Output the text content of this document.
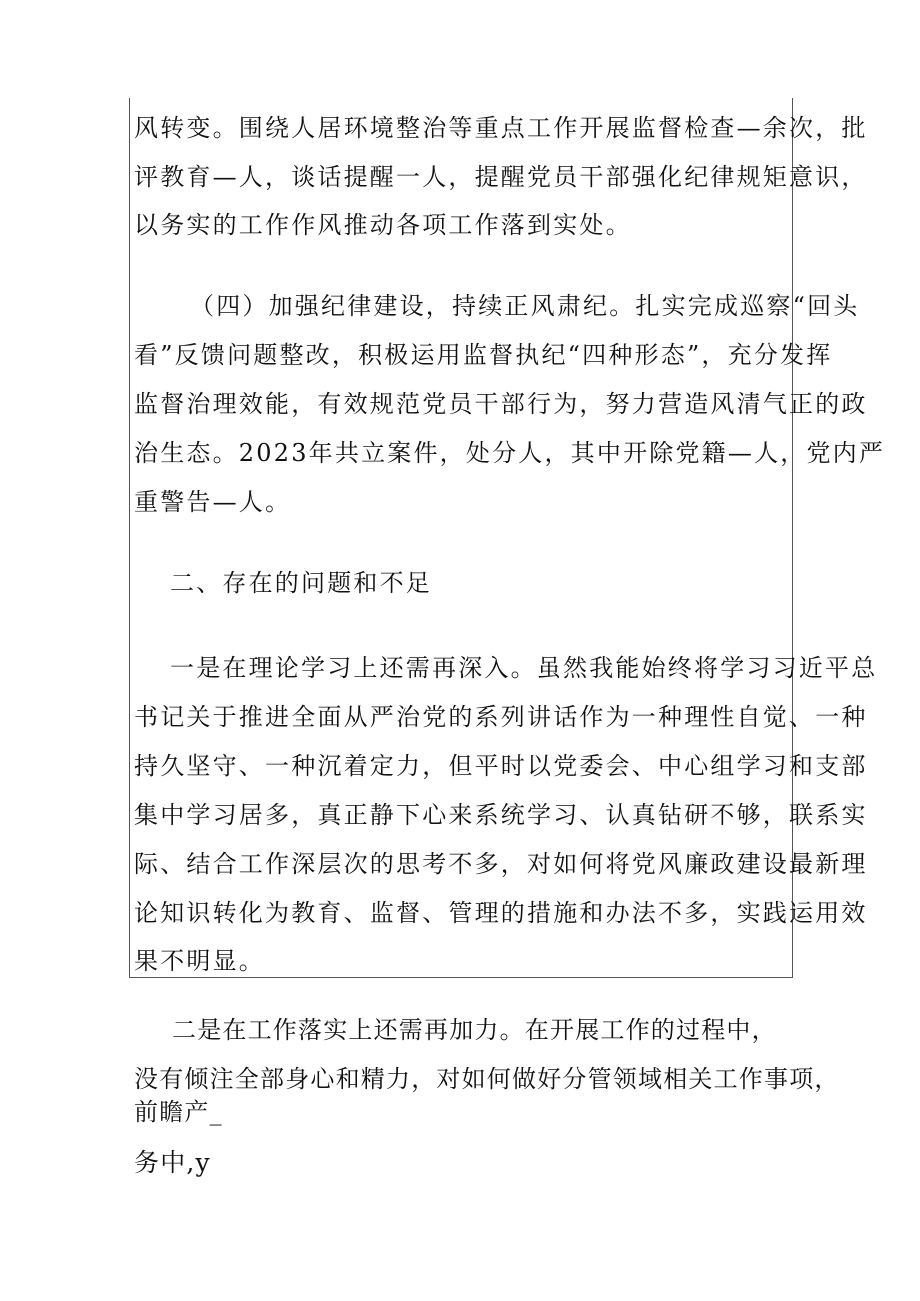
风转变。围绕人居环境整治等重点工作开展监督检查—余次，批
评教育—人，谈话提醒一人，提醒党员干部强化纪律规矩意识，
以务实的工作作风推动各项工作落到实处。
（四）加强纪律建设，持续正风肃纪。扎实完成巡察“回头
看”反馈问题整改，积极运用监督执纪“四种形态”，充分发挥
监督治理效能，有效规范党员干部行为，努力营造风清气正的政
治生态。2023年共立案件，处分人，其中开除党籍—人，党内严
重警告—人。
二、存在的问题和不足
一是在理论学习上还需再深入。虽然我能始终将学习习近平总
书记关于推进全面从严治党的系列讲话作为一种理性自觉、一种
持久坚守、一种沉着定力，但平时以党委会、中心组学习和支部
集中学习居多，真正静下心来系统学习、认真钻研不够，联系实
际、结合工作深层次的思考不多，对如何将党风廉政建设最新理
论知识转化为教育、监督、管理的措施和办法不多，实践运用效
果不明显。
二是在工作落实上还需再加力。在开展工作的过程中，
没有倾注全部身心和精力，对如何做好分管领域相关工作事项，
前瞻产_
务中,y
